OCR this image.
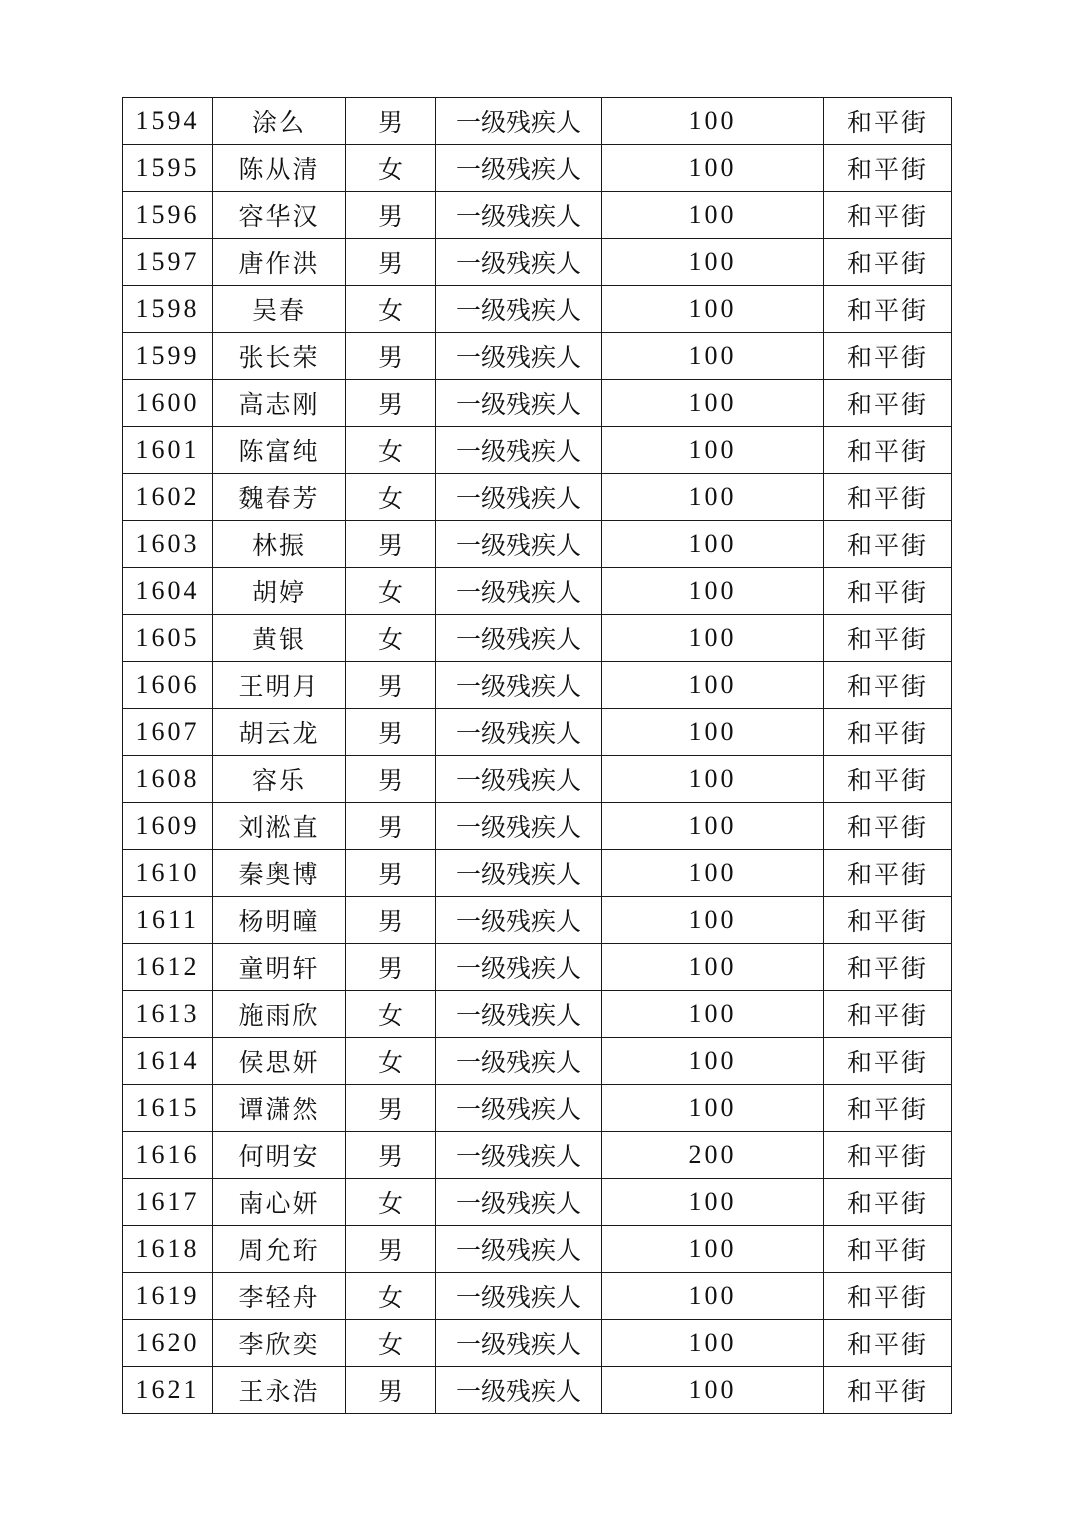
1594	涂么	男	一级残疾人	100	和平街
1595	陈从清	女	一级残疾人	100	和平街
1596	容华汉	男	一级残疾人	100	和平街
1597	唐作洪	男	一级残疾人	100	和平街
1598	吴春	女	一级残疾人	100	和平街
1599	张长荣	男	一级残疾人	100	和平街
1600	高志刚	男	一级残疾人	100	和平街
1601	陈富纯	女	一级残疾人	100	和平街
1602	魏春芳	女	一级残疾人	100	和平街
1603	林振	男	一级残疾人	100	和平街
1604	胡婷	女	一级残疾人	100	和平街
1605	黄银	女	一级残疾人	100	和平街
1606	王明月	男	一级残疾人	100	和平街
1607	胡云龙	男	一级残疾人	100	和平街
1608	容乐	男	一级残疾人	100	和平街
1609	刘淞直	男	一级残疾人	100	和平街
1610	秦奥博	男	一级残疾人	100	和平街
1611	杨明曈	男	一级残疾人	100	和平街
1612	童明轩	男	一级残疾人	100	和平街
1613	施雨欣	女	一级残疾人	100	和平街
1614	侯思妍	女	一级残疾人	100	和平街
1615	谭潇然	男	一级残疾人	100	和平街
1616	何明安	男	一级残疾人	200	和平街
1617	南心妍	女	一级残疾人	100	和平街
1618	周允珩	男	一级残疾人	100	和平街
1619	李轻舟	女	一级残疾人	100	和平街
1620	李欣奕	女	一级残疾人	100	和平街
1621	王永浩	男	一级残疾人	100	和平街
